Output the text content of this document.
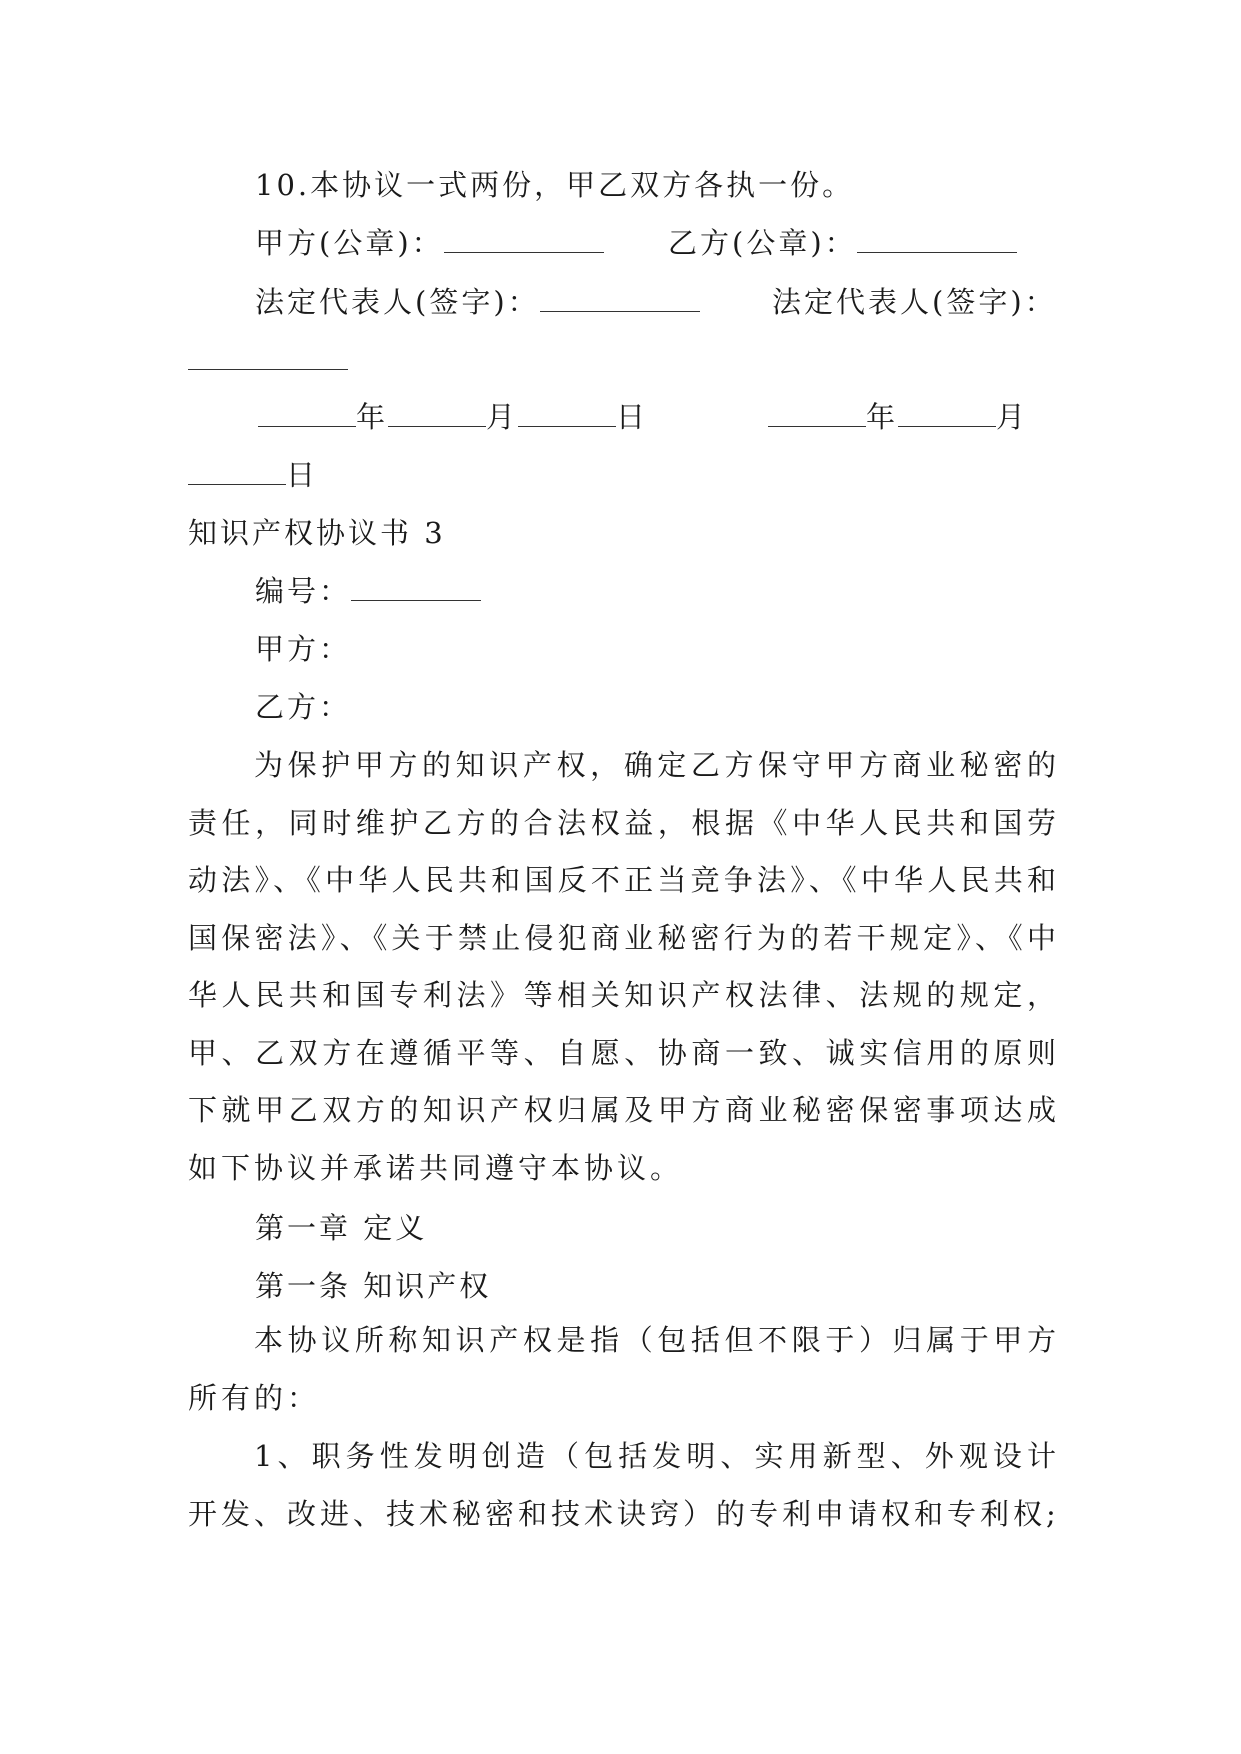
10.本协议一式两份，甲乙双方各执一份。
甲方(公章)：	乙方(公章)：
法定代表人(签字)：	法定代表人(签字)：
年	月	日	年	月
日
知识产权协议书 3
编号：
甲方：
乙方：
为保护甲方的知识产权，确定乙方保守甲方商业秘密的责任，同时维护乙方的合法权益，根据《中华人民共和国劳动法》、《中华人民共和国反不正当竞争法》、《中华人民共和国保密法》、《关于禁止侵犯商业秘密行为的若干规定》、《中华人民共和国专利法》等相关知识产权法律、法规的规定，甲、乙双方在遵循平等、自愿、协商一致、诚实信用的原则下就甲乙双方的知识产权归属及甲方商业秘密保密事项达成如下协议并承诺共同遵守本协议。
第一章 定义
第一条 知识产权
本协议所称知识产权是指（包括但不限于）归属于甲方所有的：
1、职务性发明创造（包括发明、实用新型、外观设计开发、改进、技术秘密和技术诀窍）的专利申请权和专利权;
